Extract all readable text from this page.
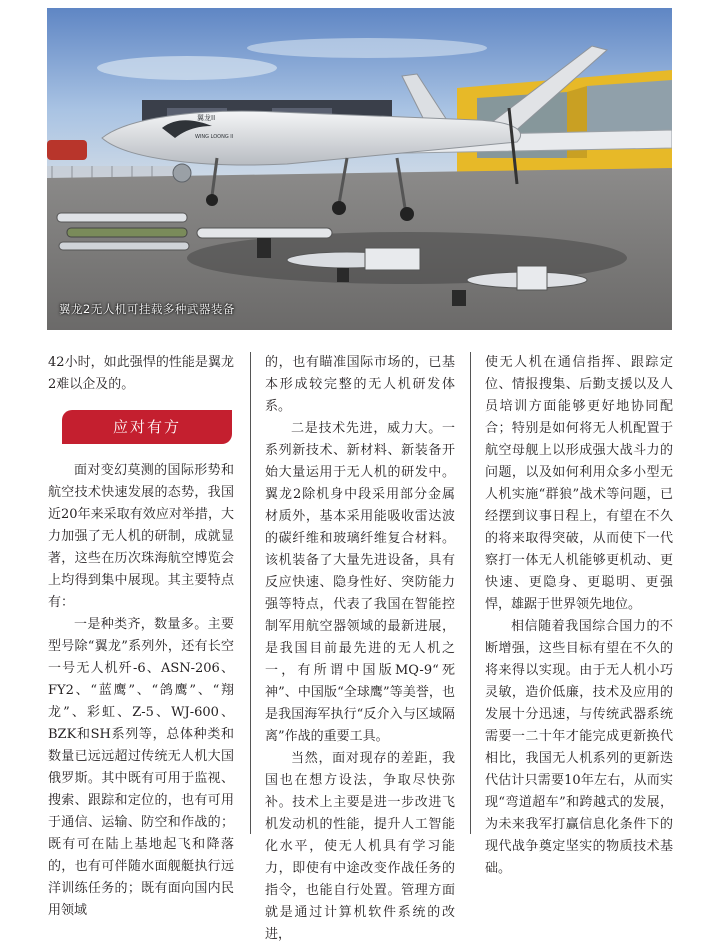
翼龙II
WING LOONG II
翼龙2无人机可挂载多种武器装备

42小时，如此强悍的性能是翼龙2难以企及的。

应对有方

面对变幻莫测的国际形势和航空技术快速发展的态势，我国近20年来采取有效应对举措，大力加强了无人机的研制，成就显著，这些在历次珠海航空博览会上均得到集中展现。其主要特点有：

一是种类齐，数量多。主要型号除“翼龙”系列外，还有长空一号无人机歼-6、ASN-206、FY2、“蓝鹰”、“鸽鹰”、“翔龙”、彩虹、Z-5、WJ-600、BZK和SH系列等，总体种类和数量已远远超过传统无人机大国俄罗斯。其中既有可用于监视、搜索、跟踪和定位的，也有可用于通信、运输、防空和作战的；既有可在陆上基地起飞和降落的，也有可伴随水面舰艇执行远洋训练任务的；既有面向国内民用领域

的，也有瞄准国际市场的，已基本形成较完整的无人机研发体系。

二是技术先进，威力大。一系列新技术、新材料、新装备开始大量运用于无人机的研发中。翼龙2除机身中段采用部分金属材质外，基本采用能吸收雷达波的碳纤维和玻璃纤维复合材料。该机装备了大量先进设备，具有反应快速、隐身性好、突防能力强等特点，代表了我国在智能控制军用航空器领域的最新进展，是我国目前最先进的无人机之一，有所谓中国版MQ-9“死神”、中国版“全球鹰”等美誉，也是我国海军执行“反介入与区域隔离”作战的重要工具。

当然，面对现存的差距，我国也在想方设法，争取尽快弥补。技术上主要是进一步改进飞机发动机的性能，提升人工智能化水平，使无人机具有学习能力，即使有中途改变作战任务的指令，也能自行处置。管理方面就是通过计算机软件系统的改进，

使无人机在通信指挥、跟踪定位、情报搜集、后勤支援以及人员培训方面能够更好地协同配合；特别是如何将无人机配置于航空母舰上以形成强大战斗力的问题，以及如何利用众多小型无人机实施“群狼”战术等问题，已经摆到议事日程上，有望在不久的将来取得突破，从而使下一代察打一体无人机能够更机动、更快速、更隐身、更聪明、更强悍，雄踞于世界领先地位。

相信随着我国综合国力的不断增强，这些目标有望在不久的将来得以实现。由于无人机小巧灵敏，造价低廉，技术及应用的发展十分迅速，与传统武器系统需要一二十年才能完成更新换代相比，我国无人机系列的更新迭代估计只需要10年左右，从而实现“弯道超车”和跨越式的发展，为未来我军打赢信息化条件下的现代战争奠定坚实的物质技术基础。
